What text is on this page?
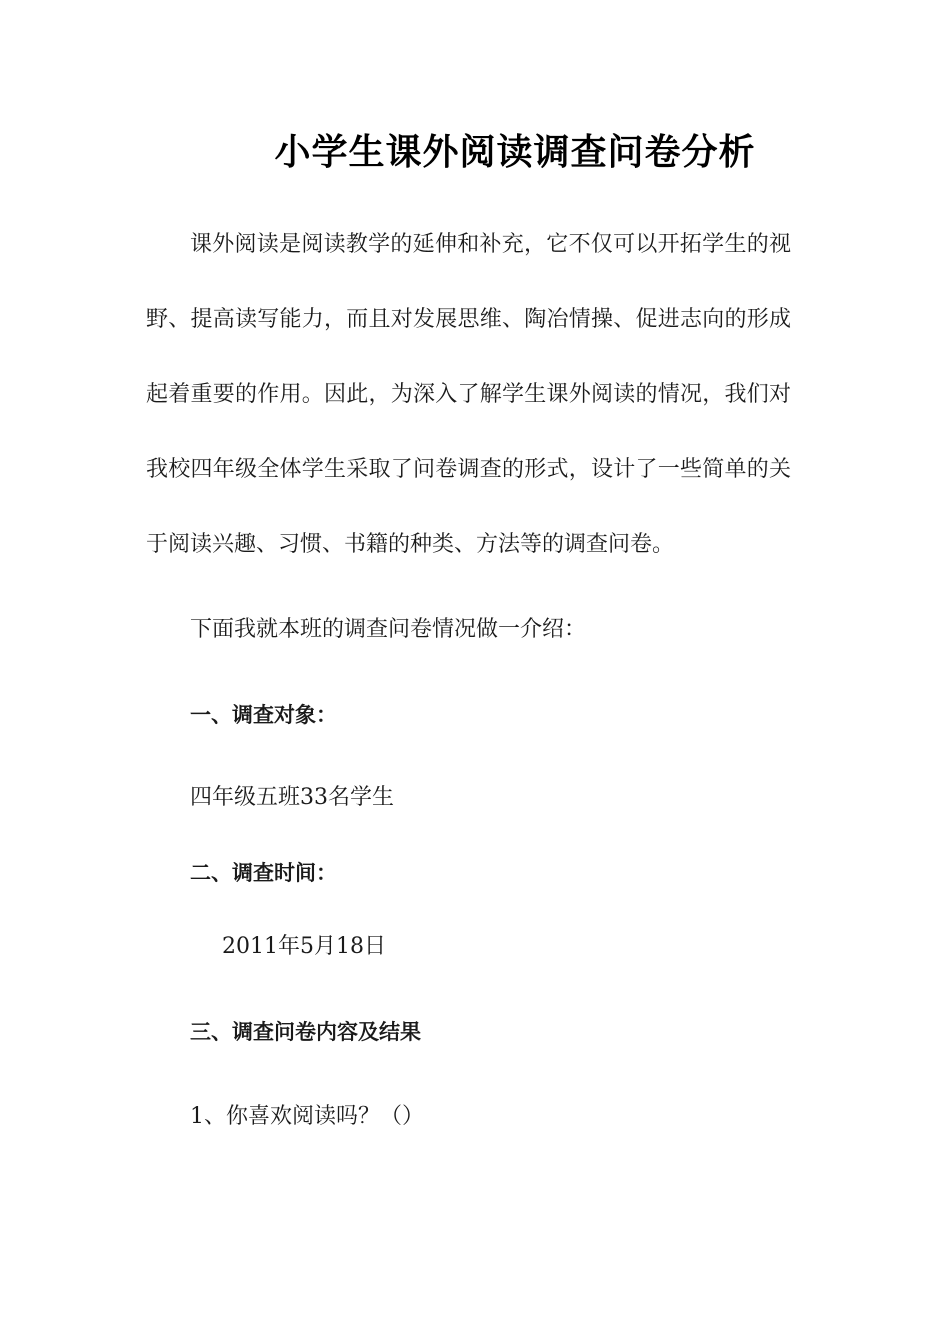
小学生课外阅读调查问卷分析
课外阅读是阅读教学的延伸和补充，它不仅可以开拓学生的视
野、提高读写能力，而且对发展思维、陶冶情操、促进志向的形成
起着重要的作用。因此，为深入了解学生课外阅读的情况，我们对
我校四年级全体学生采取了问卷调查的形式，设计了一些简单的关
于阅读兴趣、习惯、书籍的种类、方法等的调查问卷。
下面我就本班的调查问卷情况做一介绍：
一、调查对象：
四年级五班33名学生
二、调查时间：
2011年5月18日
三、调查问卷内容及结果
1、你喜欢阅读吗？（）
